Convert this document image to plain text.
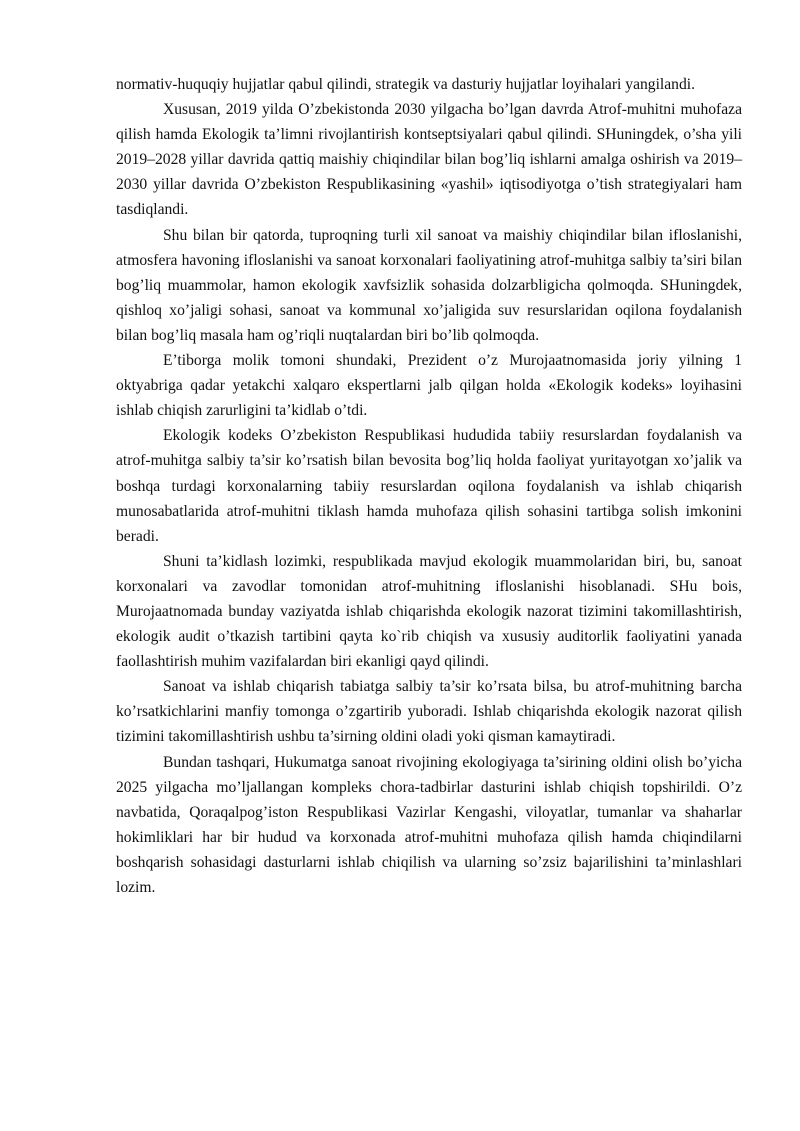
normativ-huquqiy hujjatlar qabul qilindi, strategik va dasturiy hujjatlar loyihalari yangilandi.

Xususan, 2019 yilda O’zbekistonda 2030 yilgacha bo’lgan davrda Atrof-muhitni muhofaza qilish hamda Ekologik ta’limni rivojlantirish kontseptsiyalari qabul qilindi. SHuningdek, o’sha yili 2019–2028 yillar davrida qattiq maishiy chiqindilar bilan bog’liq ishlarni amalga oshirish va 2019–2030 yillar davrida O’zbekiston Respublikasining «yashil» iqtisodiyotga o’tish strategiyalari ham tasdiqlandi.

Shu bilan bir qatorda, tuproqning turli xil sanoat va maishiy chiqindilar bilan ifloslanishi, atmosfera havoning ifloslanishi va sanoat korxonalari faoliyatining atrof-muhitga salbiy ta’siri bilan bog’liq muammolar, hamon ekologik xavfsizlik sohasida dolzarbligicha qolmoqda. SHuningdek, qishloq xo’jaligi sohasi, sanoat va kommunal xo’jaligida suv resurslaridan oqilona foydalanish bilan bog’liq masala ham og’riqli nuqtalardan biri bo’lib qolmoqda.

E’tiborga molik tomoni shundaki, Prezident o’z Murojaatnomasida joriy yilning 1 oktyabriga qadar yetakchi xalqaro ekspertlarni jalb qilgan holda «Ekologik kodeks» loyihasini ishlab chiqish zarurligini ta’kidlab o’tdi.

Ekologik kodeks O’zbekiston Respublikasi hududida tabiiy resurslardan foydalanish va atrof-muhitga salbiy ta’sir ko’rsatish bilan bevosita bog’liq holda faoliyat yuritayotgan xo’jalik va boshqa turdagi korxonalarning tabiiy resurslardan oqilona foydalanish va ishlab chiqarish munosabatlarida atrof-muhitni tiklash hamda muhofaza qilish sohasini tartibga solish imkonini beradi.

Shuni ta’kidlash lozimki, respublikada mavjud ekologik muammolaridan biri, bu, sanoat korxonalari va zavodlar tomonidan atrof-muhitning ifloslanishi hisoblanadi. SHu bois, Murojaatnomada bunday vaziyatda ishlab chiqarishda ekologik nazorat tizimini takomillashtirish, ekologik audit o’tkazish tartibini qayta ko`rib chiqish va xususiy auditorlik faoliyatini yanada faollashtirish muhim vazifalardan biri ekanligi qayd qilindi.

Sanoat va ishlab chiqarish tabiatga salbiy ta’sir ko’rsata bilsa, bu atrof-muhitning barcha ko’rsatkichlarini manfiy tomonga o’zgartirib yuboradi. Ishlab chiqarishda ekologik nazorat qilish tizimini takomillashtirish ushbu ta’sirning oldini oladi yoki qisman kamaytiradi.

Bundan tashqari, Hukumatga sanoat rivojining ekologiyaga ta’sirining oldini olish bo’yicha 2025 yilgacha mo’ljallangan kompleks chora-tadbirlar dasturini ishlab chiqish topshirildi. O’z navbatida, Qoraqalpog’iston Respublikasi Vazirlar Kengashi, viloyatlar, tumanlar va shaharlar hokimliklari har bir hudud va korxonada atrof-muhitni muhofaza qilish hamda chiqindilarni boshqarish sohasidagi dasturlarni ishlab chiqilish va ularning so’zsiz bajarilishini ta’minlashlari lozim.
